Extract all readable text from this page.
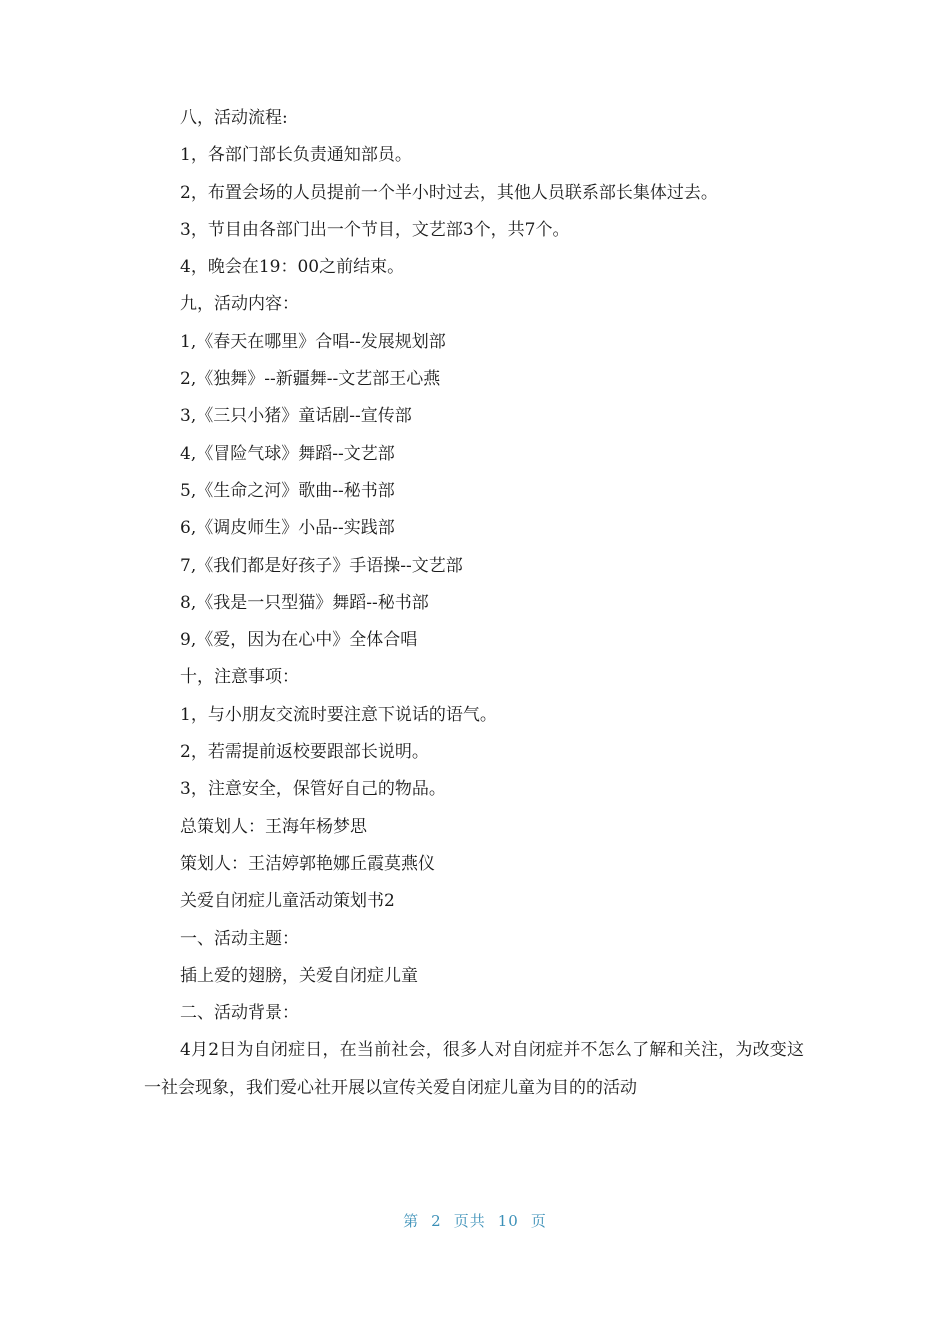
八，活动流程:
1，各部门部长负责通知部员。
2，布置会场的人员提前一个半小时过去，其他人员联系部长集体过去。
3，节目由各部门出一个节目，文艺部3个，共7个。
4，晚会在19：00之前结束。
九，活动内容：
1,《春天在哪里》合唱--发展规划部
2,《独舞》--新疆舞--文艺部王心燕
3,《三只小猪》童话剧--宣传部
4,《冒险气球》舞蹈--文艺部
5,《生命之河》歌曲--秘书部
6,《调皮师生》小品--实践部
7,《我们都是好孩子》手语操--文艺部
8,《我是一只型猫》舞蹈--秘书部
9,《爱，因为在心中》全体合唱
十，注意事项：
1，与小朋友交流时要注意下说话的语气。
2，若需提前返校要跟部长说明。
3，注意安全，保管好自己的物品。
总策划人：王海年杨梦思
策划人：王洁婷郭艳娜丘霞莫燕仪
关爱自闭症儿童活动策划书2
一、活动主题：
插上爱的翅膀，关爱自闭症儿童
二、活动背景：

4月2日为自闭症日，在当前社会，很多人对自闭症并不怎么了解和关注，为改变这一社会现象，我们爱心社开展以宣传关爱自闭症儿童为目的的活动

第 2 页共 10 页
